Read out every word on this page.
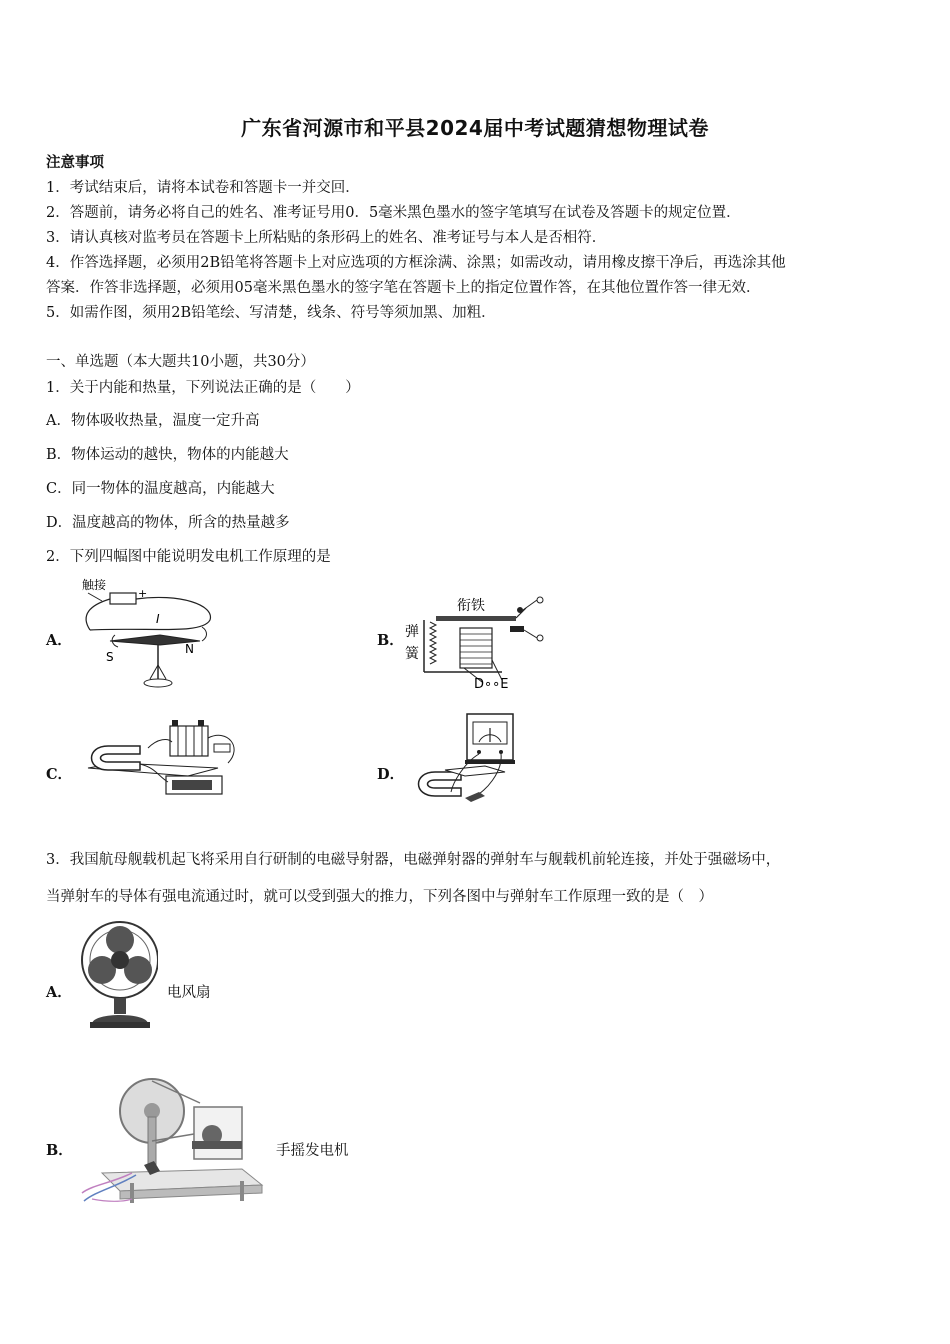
广东省河源市和平县2024届中考试题猜想物理试卷
注意事项
1．考试结束后，请将本试卷和答题卡一并交回．
2．答题前，请务必将自己的姓名、准考证号用0．5毫米黑色墨水的签字笔填写在试卷及答题卡的规定位置．
3．请认真核对监考员在答题卡上所粘贴的条形码上的姓名、准考证号与本人是否相符．
4．作答选择题，必须用2B铅笔将答题卡上对应选项的方框涂满、涂黑；如需改动，请用橡皮擦干净后，再选涂其他
答案．作答非选择题，必须用05毫米黑色墨水的签字笔在答题卡上的指定位置作答，在其他位置作答一律无效．
5．如需作图，须用2B铅笔绘、写清楚，线条、符号等须加黑、加粗．
一、单选题（本大题共10小题，共30分）
1．关于内能和热量，下列说法正确的是（　　）
A．物体吸收热量，温度一定升高
B．物体运动的越快，物体的内能越大
C．同一物体的温度越高，内能越大
D．温度越高的物体，所含的热量越多
2．下列四幅图中能说明发电机工作原理的是
A．	B．
C．	D．
触接
+
I
S
N
衔铁
弹
簧
D∘∘E
3．我国航母舰载机起飞将采用自行研制的电磁导射器，电磁弹射器的弹射车与舰载机前轮连接，并处于强磁场中，
当弹射车的导体有强电流通过时，就可以受到强大的推力，下列各图中与弹射车工作原理一致的是（　）
A．	电风扇
B．	手摇发电机
